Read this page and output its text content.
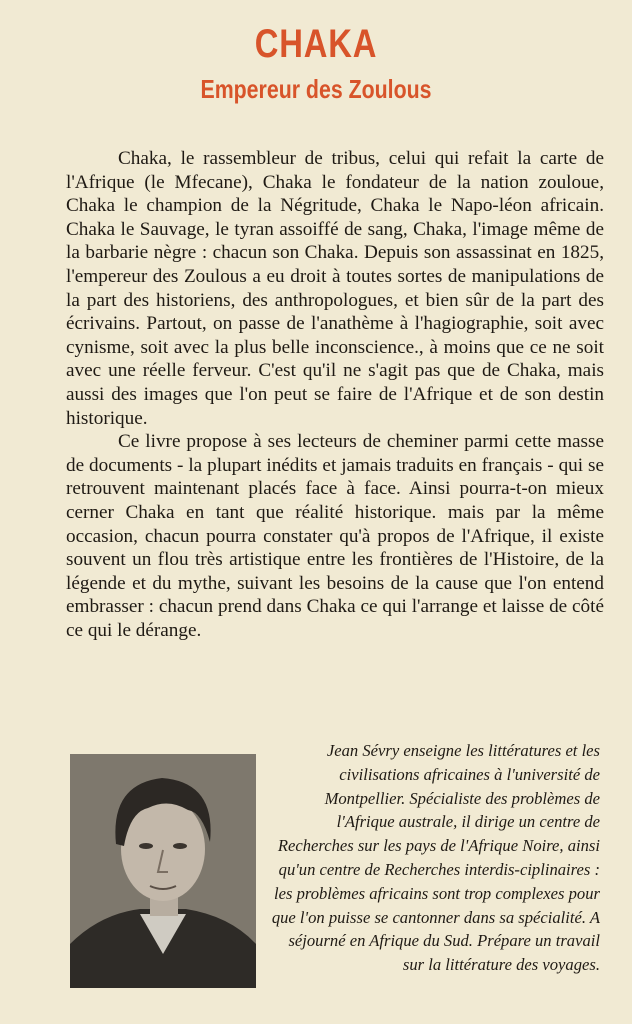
CHAKA
Empereur des Zoulous

Chaka, le rassembleur de tribus, celui qui refait la carte de l'Afrique (le Mfecane), Chaka le fondateur de la nation zouloue, Chaka le champion de la Négritude, Chaka le Napo-léon africain. Chaka le Sauvage, le tyran assoiffé de sang, Chaka, l'image même de la barbarie nègre : chacun son Chaka. Depuis son assassinat en 1825, l'empereur des Zoulous a eu droit à toutes sortes de manipulations de la part des historiens, des anthropologues, et bien sûr de la part des écrivains. Partout, on passe de l'anathème à l'hagiographie, soit avec cynisme, soit avec la plus belle inconscience., à moins que ce ne soit avec une réelle ferveur. C'est qu'il ne s'agit pas que de Chaka, mais aussi des images que l'on peut se faire de l'Afrique et de son destin historique.

Ce livre propose à ses lecteurs de cheminer parmi cette masse de documents - la plupart inédits et jamais traduits en français - qui se retrouvent maintenant placés face à face. Ainsi pourra-t-on mieux cerner Chaka en tant que réalité historique. mais par la même occasion, chacun pourra constater qu'à propos de l'Afrique, il existe souvent un flou très artistique entre les frontières de l'Histoire, de la légende et du mythe, suivant les besoins de la cause que l'on entend embrasser : chacun prend dans Chaka ce qui l'arrange et laisse de côté ce qui le dérange.

Jean Sévry enseigne les littératures et les civilisations africaines à l'université de Montpellier. Spécialiste des problèmes de l'Afrique australe, il dirige un centre de Recherches sur les pays de l'Afrique Noire, ainsi qu'un centre de Recherches interdis-ciplinaires : les problèmes africains sont trop complexes pour que l'on puisse se cantonner dans sa spécialité. A séjourné en Afrique du Sud. Prépare un travail sur la littérature des voyages.
